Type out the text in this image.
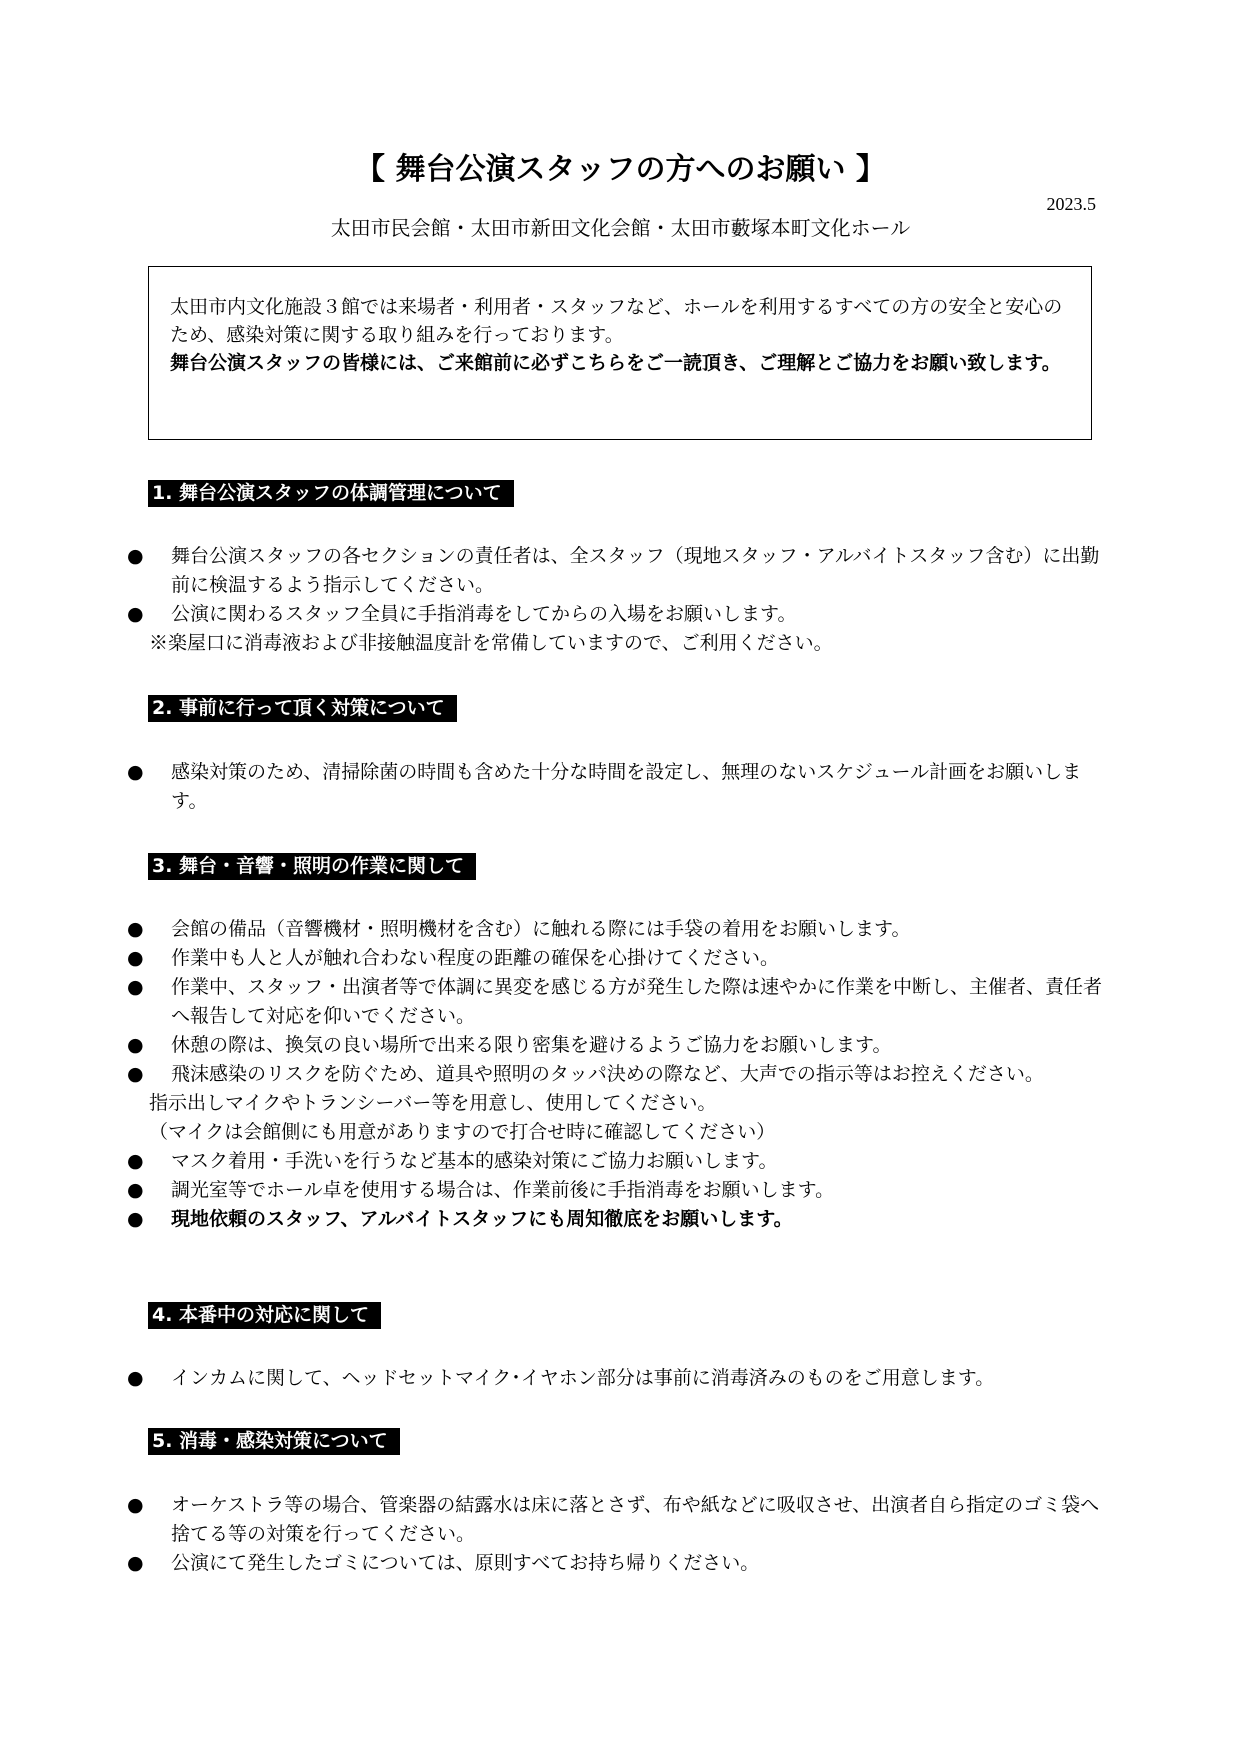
【 舞台公演スタッフの方へのお願い 】
2023.5
太田市民会館・太田市新田文化会館・太田市藪塚本町文化ホール

太田市内文化施設３館では来場者・利用者・スタッフなど、ホールを利用するすべての方の安全と安心のため、感染対策に関する取り組みを行っております。

舞台公演スタッフの皆様には、ご来館前に必ずこちらをご一読頂き、ご理解とご協力をお願い致します。

1. 舞台公演スタッフの体調管理について
● 舞台公演スタッフの各セクションの責任者は、全スタッフ（現地スタッフ・アルバイトスタッフ含む）に出勤前に検温するよう指示してください。
● 公演に関わるスタッフ全員に手指消毒をしてからの入場をお願いします。
※楽屋口に消毒液および非接触温度計を常備していますので、ご利用ください。
2. 事前に行って頂く対策について
● 感染対策のため、清掃除菌の時間も含めた十分な時間を設定し、無理のないスケジュール計画をお願いします。
3. 舞台・音響・照明の作業に関して
● 会館の備品（音響機材・照明機材を含む）に触れる際には手袋の着用をお願いします。
● 作業中も人と人が触れ合わない程度の距離の確保を心掛けてください。
● 作業中、スタッフ・出演者等で体調に異変を感じる方が発生した際は速やかに作業を中断し、主催者、責任者へ報告して対応を仰いでください。
● 休憩の際は、換気の良い場所で出来る限り密集を避けるようご協力をお願いします。
● 飛沫感染のリスクを防ぐため、道具や照明のタッパ決めの際など、大声での指示等はお控えください。
指示出しマイクやトランシーバー等を用意し、使用してください。
（マイクは会館側にも用意がありますので打合せ時に確認してください）
● マスク着用・手洗いを行うなど基本的感染対策にご協力お願いします。
● 調光室等でホール卓を使用する場合は、作業前後に手指消毒をお願いします。
● 現地依頼のスタッフ、アルバイトスタッフにも周知徹底をお願いします。
4. 本番中の対応に関して
● インカムに関して、ヘッドセットマイク･イヤホン部分は事前に消毒済みのものをご用意します。
5. 消毒・感染対策について
● オーケストラ等の場合、管楽器の結露水は床に落とさず、布や紙などに吸収させ、出演者自ら指定のゴミ袋へ捨てる等の対策を行ってください。
● 公演にて発生したゴミについては、原則すべてお持ち帰りください。
